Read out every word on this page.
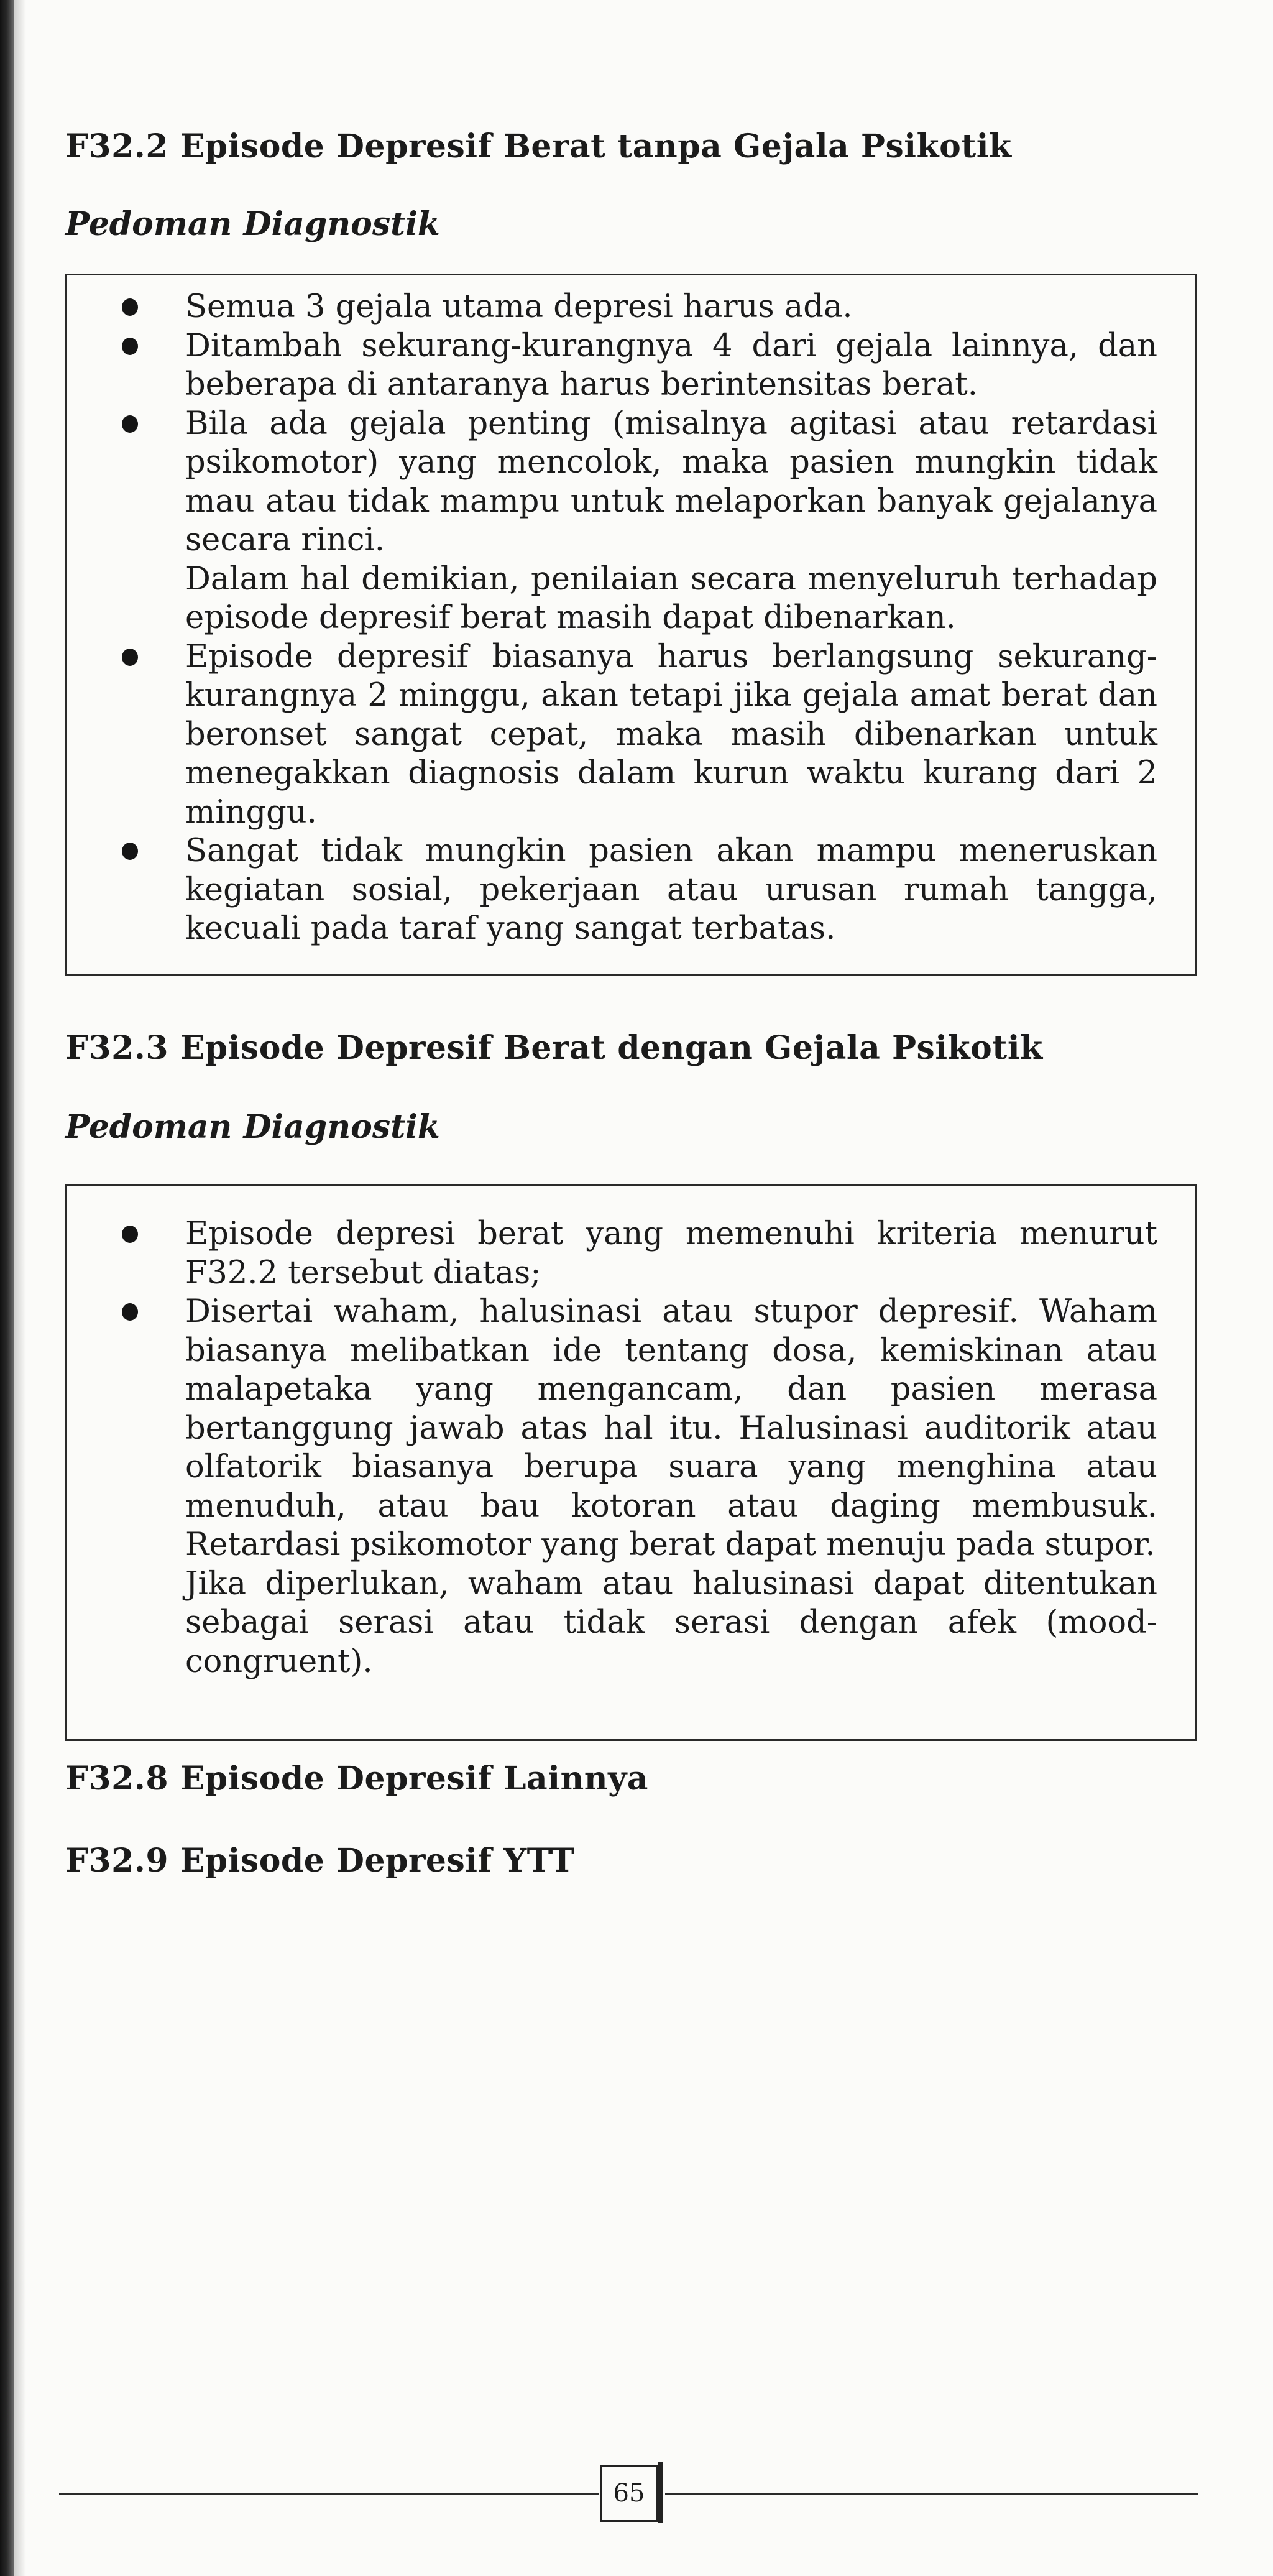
F32.2 Episode Depresif Berat tanpa Gejala Psikotik
Pedoman Diagnostik
Semua 3 gejala utama depresi harus ada.
Ditambah sekurang-kurangnya 4 dari gejala lainnya, dan beberapa di antaranya harus berintensitas berat.
Bila ada gejala penting (misalnya agitasi atau retardasi psikomotor) yang mencolok, maka pasien mungkin tidak mau atau tidak mampu untuk melaporkan banyak gejalanya secara rinci.
Dalam hal demikian, penilaian secara menyeluruh terhadap episode depresif berat masih dapat dibenarkan.
Episode depresif biasanya harus berlangsung sekurang-kurangnya 2 minggu, akan tetapi jika gejala amat berat dan beronset sangat cepat, maka masih dibenarkan untuk menegakkan diagnosis dalam kurun waktu kurang dari 2 minggu.
Sangat tidak mungkin pasien akan mampu meneruskan kegiatan sosial, pekerjaan atau urusan rumah tangga, kecuali pada taraf yang sangat terbatas.
F32.3 Episode Depresif Berat dengan Gejala Psikotik
Pedoman Diagnostik
Episode depresi berat yang memenuhi kriteria menurut F32.2 tersebut diatas;
Disertai waham, halusinasi atau stupor depresif. Waham biasanya melibatkan ide tentang dosa, kemiskinan atau malapetaka yang mengancam, dan pasien merasa bertanggung jawab atas hal itu. Halusinasi auditorik atau olfatorik biasanya berupa suara yang menghina atau menuduh, atau bau kotoran atau daging membusuk. Retardasi psikomotor yang berat dapat menuju pada stupor.
Jika diperlukan, waham atau halusinasi dapat ditentukan sebagai serasi atau tidak serasi dengan afek (mood-congruent).
F32.8 Episode Depresif Lainnya
F32.9 Episode Depresif YTT
65
